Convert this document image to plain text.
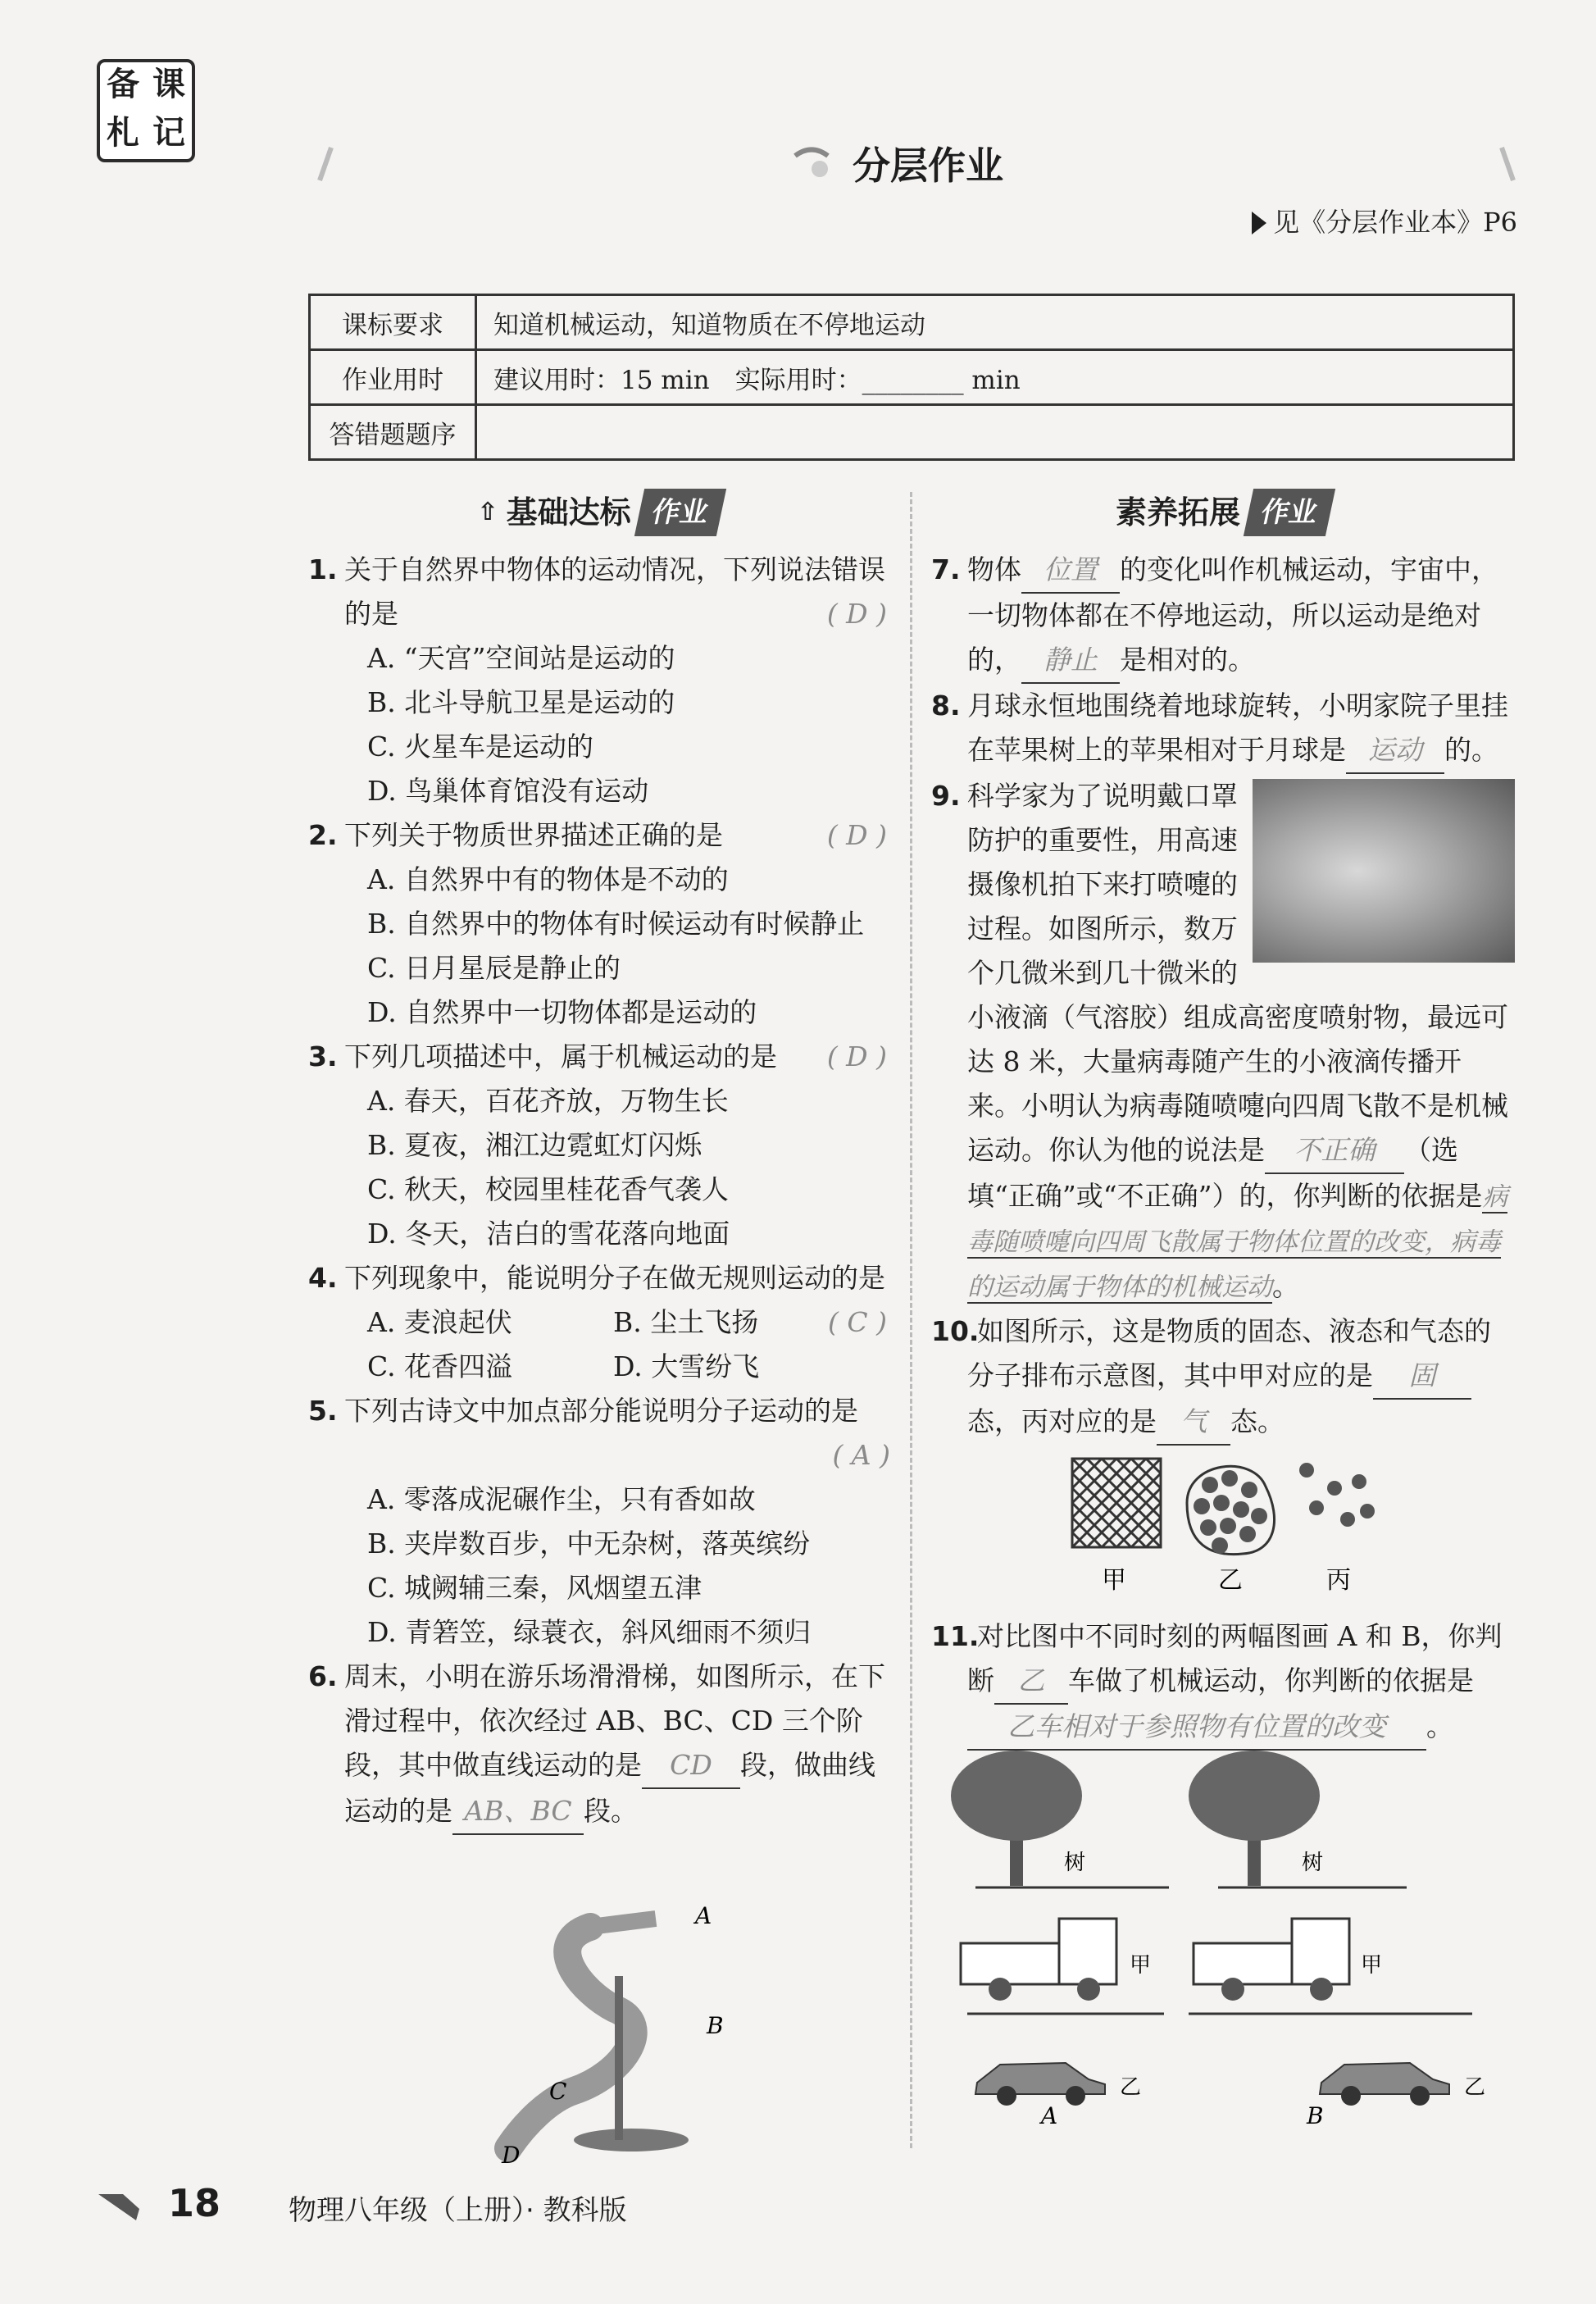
备 课
札 记
分层作业
见《分层作业本》P6
课标要求	知道机械运动，知道物质在不停地运动
作业用时	建议用时：15 min　实际用时：________ min
答错题题序	
⇧ 基础达标 作业
1. 关于自然界中物体的运动情况，下列说法错误的是	( D )
A. “天宫”空间站是运动的
B. 北斗导航卫星是运动的
C. 火星车是运动的
D. 鸟巢体育馆没有运动
2. 下列关于物质世界描述正确的是	( D )
A. 自然界中有的物体是不动的
B. 自然界中的物体有时候运动有时候静止
C. 日月星辰是静止的
D. 自然界中一切物体都是运动的
3. 下列几项描述中，属于机械运动的是 ( D )
A. 春天，百花齐放，万物生长
B. 夏夜，湘江边霓虹灯闪烁
C. 秋天，校园里桂花香气袭人
D. 冬天，洁白的雪花落向地面
4. 下列现象中，能说明分子在做无规则运动的是
( C )
A. 麦浪起伏	B. 尘土飞扬
C. 花香四溢	D. 大雪纷飞
5. 下列古诗文中加点部分能说明分子运动的是
( A )
A. 零落成泥碾作尘，只有香如故
B. 夹岸数百步，中无杂树，落英缤纷
C. 城阙辅三秦，风烟望五津
D. 青箬笠，绿蓑衣，斜风细雨不须归
6. 周末，小明在游乐场滑滑梯，如图所示，在下滑过程中，依次经过 AB、BC、CD 三个阶段，其中做直线运动的是 CD 段，做曲线运动的是 AB、BC 段。
A
B
C
D
素养拓展 作业
7. 物体 位置 的变化叫作机械运动，宇宙中，一切物体都在不停地运动，所以运动是绝对的， 静止 是相对的。
8. 月球永恒地围绕着地球旋转，小明家院子里挂在苹果树上的苹果相对于月球是 运动 的。
9. 科学家为了说明戴口罩防护的重要性，用高速摄像机拍下来打喷嚏的过程。如图所示，数万个几微米到几十微米的小液滴（气溶胶）组成高密度喷射物，最远可达 8 米，大量病毒随产生的小液滴传播开来。小明认为病毒随喷嚏向四周飞散不是机械运动。你认为他的说法是 不正确 （选填“正确”或“不正确”）的，你判断的依据是病毒随喷嚏向四周飞散属于物体位置的改变，病毒的运动属于物体的机械运动。
10.
如图所示，这是物质的固态、液态和气态的分子排布示意图，其中甲对应的是 固态，丙对应的是 气 态。
甲	乙	丙
11.
对比图中不同时刻的两幅图画 A 和 B，你判断 乙 车做了机械运动，你判断的依据是乙车相对于参照物有位置的改变 。
树
甲
乙
A
树
甲
乙
B
18 物理八年级（上册）· 教科版
